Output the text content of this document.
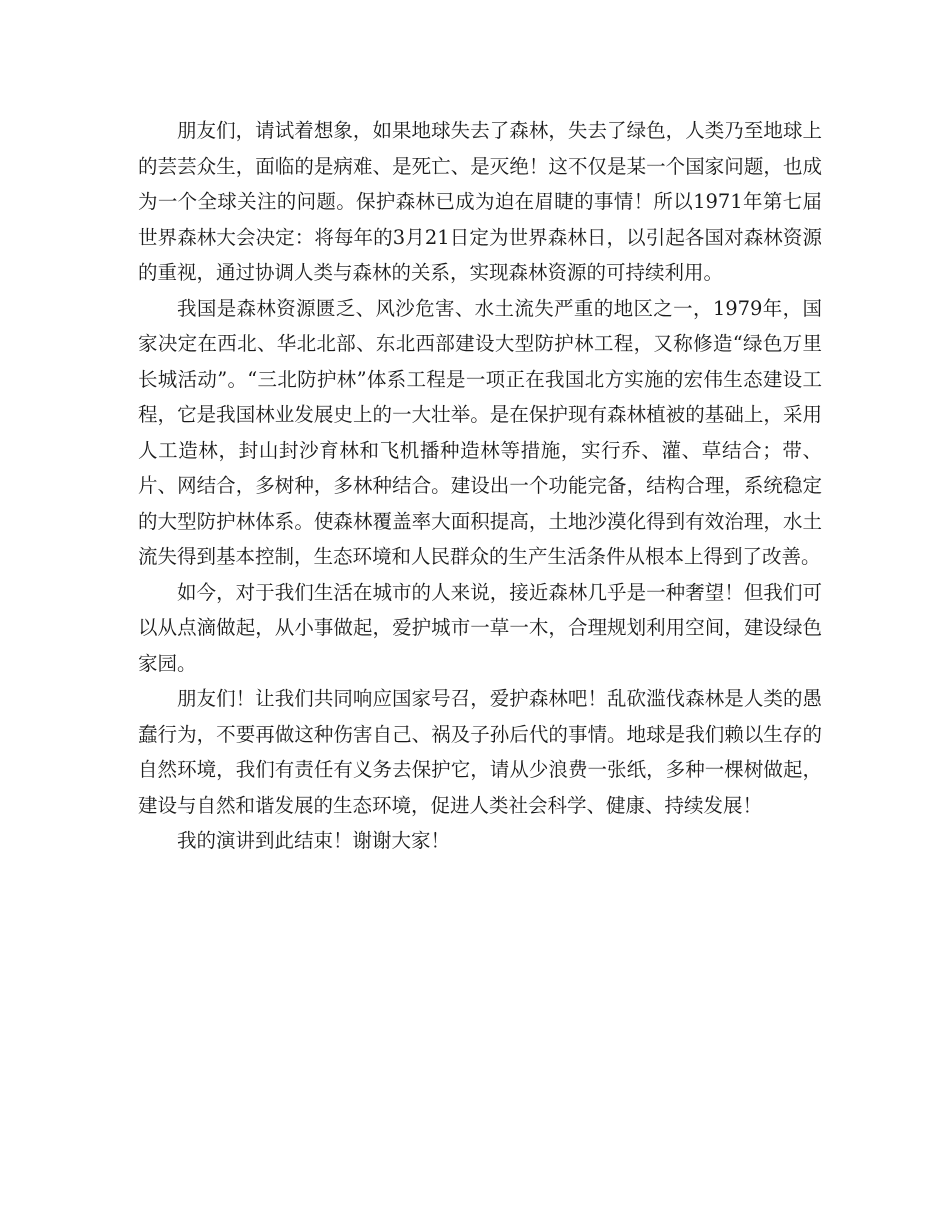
朋友们，请试着想象，如果地球失去了森林，失去了绿色，人类乃至地球上的芸芸众生，面临的是病难、是死亡、是灭绝！这不仅是某一个国家问题，也成为一个全球关注的问题。保护森林已成为迫在眉睫的事情！所以1971年第七届世界森林大会决定：将每年的3月21日定为世界森林日，以引起各国对森林资源的重视，通过协调人类与森林的关系，实现森林资源的可持续利用。

我国是森林资源匮乏、风沙危害、水土流失严重的地区之一，1979年，国家决定在西北、华北北部、东北西部建设大型防护林工程，又称修造“绿色万里长城活动”。“三北防护林”体系工程是一项正在我国北方实施的宏伟生态建设工程，它是我国林业发展史上的一大壮举。是在保护现有森林植被的基础上，采用人工造林，封山封沙育林和飞机播种造林等措施，实行乔、灌、草结合；带、片、网结合，多树种，多林种结合。建设出一个功能完备，结构合理，系统稳定的大型防护林体系。使森林覆盖率大面积提高，土地沙漠化得到有效治理，水土流失得到基本控制，生态环境和人民群众的生产生活条件从根本上得到了改善。

如今，对于我们生活在城市的人来说，接近森林几乎是一种奢望！但我们可以从点滴做起，从小事做起，爱护城市一草一木，合理规划利用空间，建设绿色家园。

朋友们！让我们共同响应国家号召，爱护森林吧！乱砍滥伐森林是人类的愚蠢行为，不要再做这种伤害自己、祸及子孙后代的事情。地球是我们赖以生存的自然环境，我们有责任有义务去保护它，请从少浪费一张纸，多种一棵树做起，建设与自然和谐发展的生态环境，促进人类社会科学、健康、持续发展！

我的演讲到此结束！谢谢大家！
